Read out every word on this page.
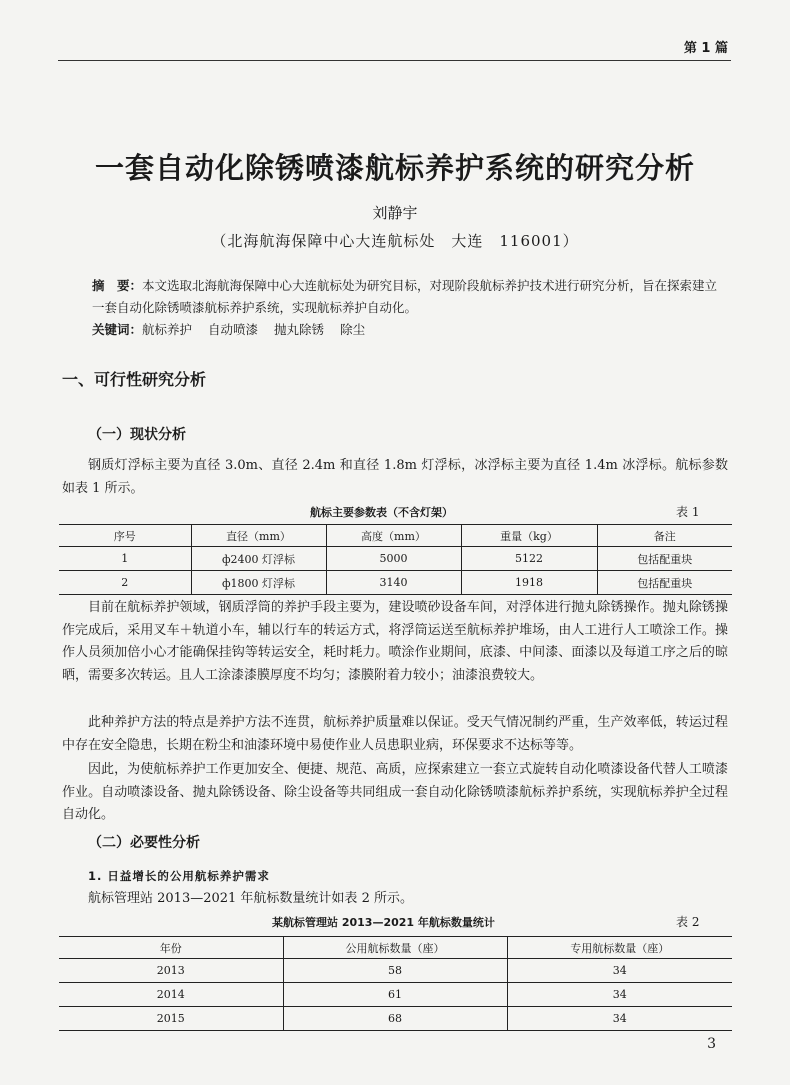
第 1 篇
一套自动化除锈喷漆航标养护系统的研究分析
刘静宇
（北海航海保障中心大连航标处　大连　116001）
摘　要：本文选取北海航海保障中心大连航标处为研究目标，对现阶段航标养护技术进行研究分析，旨在探索建立一套自动化除锈喷漆航标养护系统，实现航标养护自动化。
关键词：航标养护 自动喷漆 抛丸除锈 除尘
一、可行性研究分析
（一）现状分析
钢质灯浮标主要为直径 3.0m、直径 2.4m 和直径 1.8m 灯浮标，冰浮标主要为直径 1.4m 冰浮标。航标参数如表 1 所示。
航标主要参数表（不含灯架）	表 1
序号	直径（mm）	高度（mm）	重量（kg）	备注
1	ф2400 灯浮标	5000	5122	包括配重块
2	ф1800 灯浮标	3140	1918	包括配重块
目前在航标养护领域，钢质浮筒的养护手段主要为，建设喷砂设备车间，对浮体进行抛丸除锈操作。抛丸除锈操作完成后，采用叉车＋轨道小车，辅以行车的转运方式，将浮筒运送至航标养护堆场，由人工进行人工喷涂工作。操作人员须加倍小心才能确保挂钩等转运安全，耗时耗力。喷涂作业期间，底漆、中间漆、面漆以及每道工序之后的晾晒，需要多次转运。且人工涂漆漆膜厚度不均匀；漆膜附着力较小；油漆浪费较大。
此种养护方法的特点是养护方法不连贯，航标养护质量难以保证。受天气情况制约严重，生产效率低，转运过程中存在安全隐患，长期在粉尘和油漆环境中易使作业人员患职业病，环保要求不达标等等。
因此，为使航标养护工作更加安全、便捷、规范、高质，应探索建立一套立式旋转自动化喷漆设备代替人工喷漆作业。自动喷漆设备、抛丸除锈设备、除尘设备等共同组成一套自动化除锈喷漆航标养护系统，实现航标养护全过程自动化。
（二）必要性分析
1. 日益增长的公用航标养护需求
航标管理站 2013—2021 年航标数量统计如表 2 所示。
某航标管理站 2013—2021 年航标数量统计	表 2
年份	公用航标数量（座）	专用航标数量（座）
2013	58	34
2014	61	34
2015	68	34
3
